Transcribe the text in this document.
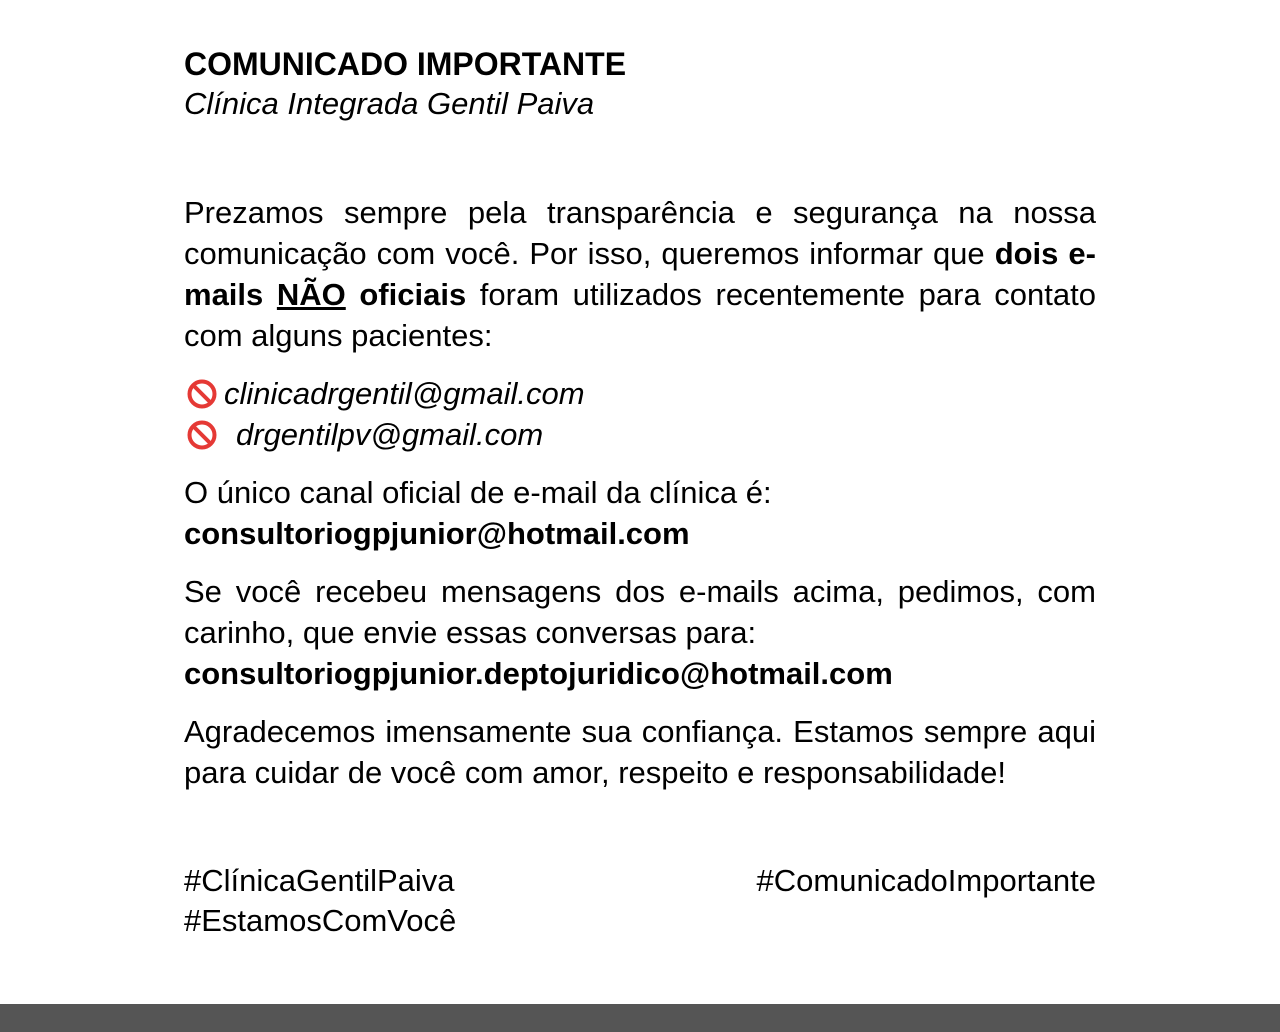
COMUNICADO IMPORTANTE

Clínica Integrada Gentil Paiva

Prezamos sempre pela transparência e segurança na nossa comunicação com você. Por isso, queremos informar que dois e-mails NÃO oficiais foram utilizados recentemente para contato com alguns pacientes:

clinicadrgentil@gmail.com
drgentilpv@gmail.com

O único canal oficial de e-mail da clínica é:

consultoriogpjunior@hotmail.com

Se você recebeu mensagens dos e-mails acima, pedimos, com carinho, que envie essas conversas para:

consultoriogpjunior.deptojuridico@hotmail.com

Agradecemos imensamente sua confiança. Estamos sempre aqui para cuidar de você com amor, respeito e responsabilidade!

#ClínicaGentilPaiva
#EstamosComVocê
#ComunicadoImportante
